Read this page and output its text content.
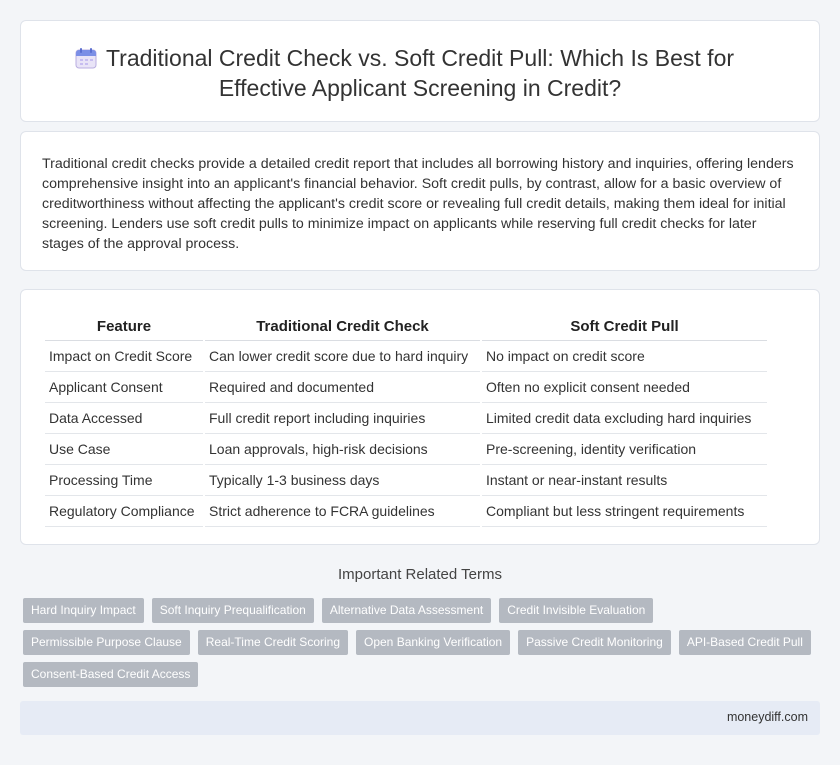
Traditional Credit Check vs. Soft Credit Pull: Which Is Best for Effective Applicant Screening in Credit?

Traditional credit checks provide a detailed credit report that includes all borrowing history and inquiries, offering lenders comprehensive insight into an applicant's financial behavior. Soft credit pulls, by contrast, allow for a basic overview of creditworthiness without affecting the applicant's credit score or revealing full credit details, making them ideal for initial screening. Lenders use soft credit pulls to minimize impact on applicants while reserving full credit checks for later stages of the approval process.

Feature	Traditional Credit Check	Soft Credit Pull
Impact on Credit Score	Can lower credit score due to hard inquiry	No impact on credit score
Applicant Consent	Required and documented	Often no explicit consent needed
Data Accessed	Full credit report including inquiries	Limited credit data excluding hard inquiries
Use Case	Loan approvals, high-risk decisions	Pre-screening, identity verification
Processing Time	Typically 1-3 business days	Instant or near-instant results
Regulatory Compliance	Strict adherence to FCRA guidelines	Compliant but less stringent requirements
Important Related Terms
Hard Inquiry Impact	Soft Inquiry Prequalification	Alternative Data Assessment	Credit Invisible Evaluation
Permissible Purpose Clause	Real-Time Credit Scoring	Open Banking Verification	Passive Credit Monitoring	API-Based Credit Pull
Consent-Based Credit Access
moneydiff.com
